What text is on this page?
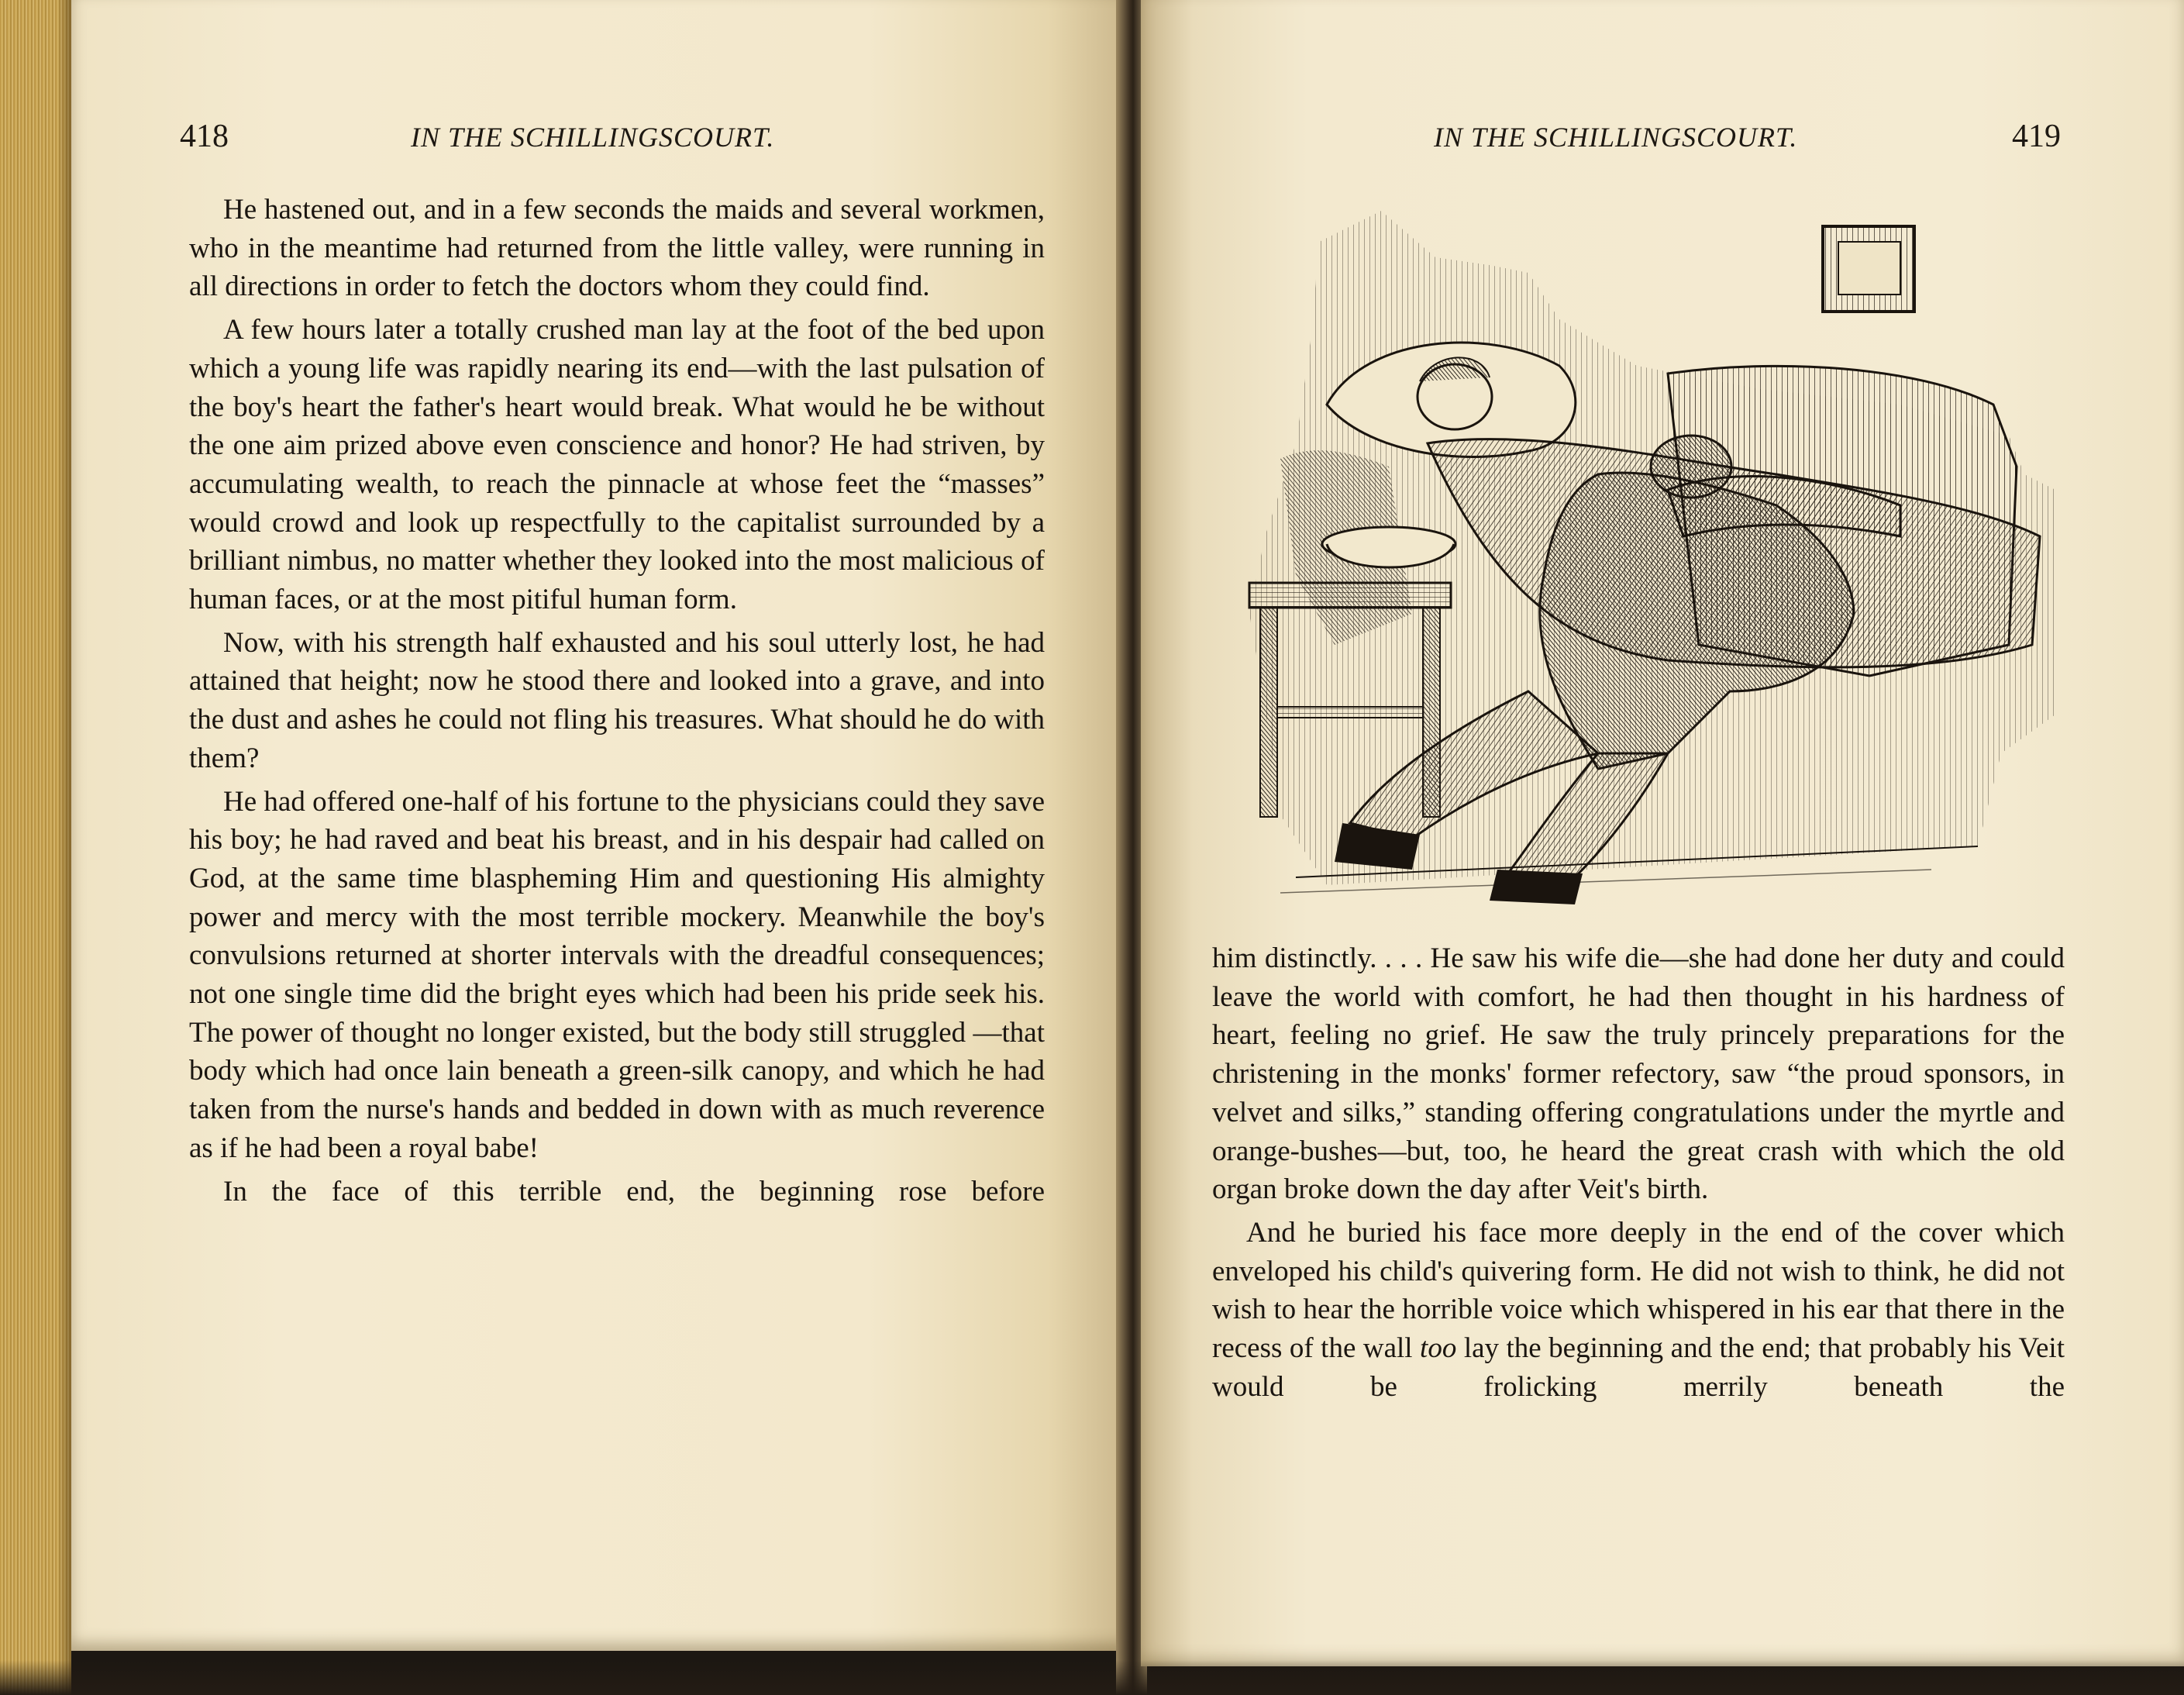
418	IN THE SCHILLINGSCOURT.

He hastened out, and in a few seconds the maids and several workmen, who in the meantime had returned from the little valley, were running in all directions in order to fetch the doctors whom they could find.

A few hours later a totally crushed man lay at the foot of the bed upon which a young life was rapidly nearing its end—with the last pulsation of the boy's heart the father's heart would break. What would he be without the one aim prized above even conscience and honor? He had striven, by accumulating wealth, to reach the pinnacle at whose feet the “masses” would crowd and look up respectfully to the capitalist surrounded by a brilliant nimbus, no matter whether they looked into the most malicious of human faces, or at the most pitiful human form.

Now, with his strength half exhausted and his soul utterly lost, he had attained that height; now he stood there and looked into a grave, and into the dust and ashes he could not fling his treasures. What should he do with them?

He had offered one-half of his fortune to the physicians could they save his boy; he had raved and beat his breast, and in his despair had called on God, at the same time blaspheming Him and questioning His almighty power and mercy with the most terrible mockery. Meanwhile the boy's convulsions returned at shorter intervals with the dreadful consequences; not one single time did the bright eyes which had been his pride seek his. The power of thought no longer existed, but the body still struggled —that body which had once lain beneath a green-silk canopy, and which he had taken from the nurse's hands and bedded in down with as much reverence as if he had been a royal babe!

In the face of this terrible end, the beginning rose before

IN THE SCHILLINGSCOURT.	419

him distinctly. . . . He saw his wife die—she had done her duty and could leave the world with comfort, he had then thought in his hardness of heart, feeling no grief. He saw the truly princely preparations for the christening in the monks' former refectory, saw “the proud sponsors, in velvet and silks,” standing offering congratulations under the myrtle and orange-bushes—but, too, he heard the great crash with which the old organ broke down the day after Veit's birth.

And he buried his face more deeply in the end of the cover which enveloped his child's quivering form. He did not wish to think, he did not wish to hear the horrible voice which whispered in his ear that there in the recess of the wall too lay the beginning and the end; that probably his Veit would be frolicking merrily beneath the
